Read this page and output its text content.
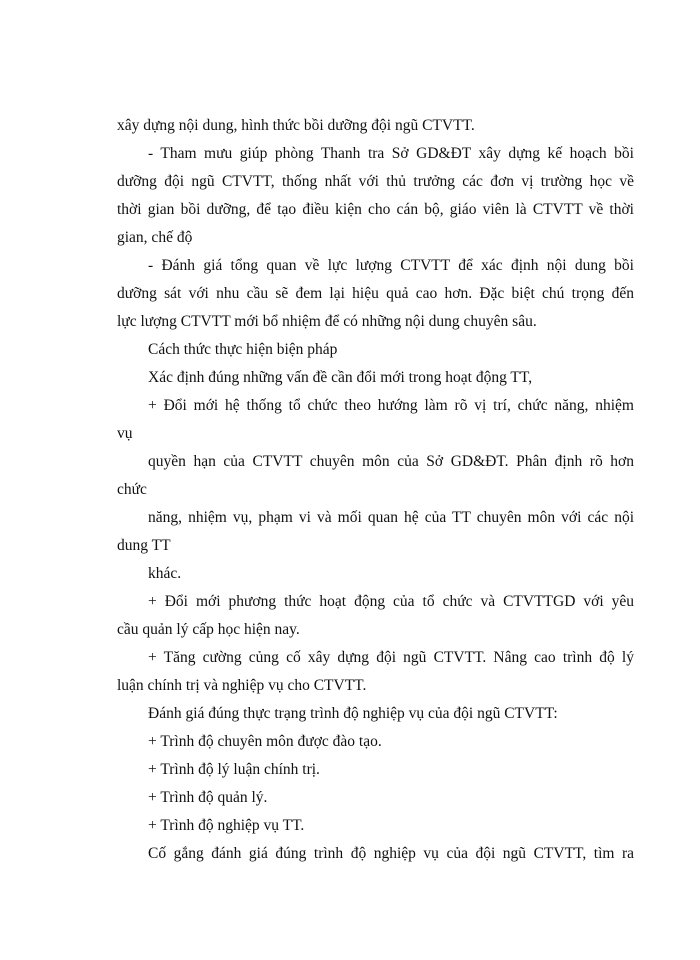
xây dựng nội dung, hình thức bồi dưỡng đội ngũ CTVTT.
- Tham mưu giúp phòng Thanh tra Sở GD&ĐT xây dựng kế hoạch bồi
dưỡng đội ngũ CTVTT, thống nhất với thủ trưởng các đơn vị trường học về
thời gian bồi dưỡng, để tạo điều kiện cho cán bộ, giáo viên là CTVTT về thời
gian, chế độ
- Đánh giá tổng quan về lực lượng CTVTT để xác định nội dung bồi
dưỡng sát với nhu cầu sẽ đem lại hiệu quả cao hơn. Đặc biệt chú trọng đến
lực lượng CTVTT mới bổ nhiệm để có những nội dung chuyên sâu.
Cách thức thực hiện biện pháp
Xác định đúng những vấn đề cần đổi mới trong hoạt động TT,
+ Đổi mới hệ thống tổ chức theo hướng làm rõ vị trí, chức năng, nhiệm
vụ
quyền hạn của CTVTT chuyên môn của Sở GD&ĐT. Phân định rõ hơn
chức
năng, nhiệm vụ, phạm vi và mối quan hệ của TT chuyên môn với các nội
dung TT
khác.
+ Đổi mới phương thức hoạt động của tổ chức và CTVTTGD với yêu
cầu quản lý cấp học hiện nay.
+ Tăng cường củng cố xây dựng đội ngũ CTVTT. Nâng cao trình độ lý
luận chính trị và nghiệp vụ cho CTVTT.
Đánh giá đúng thực trạng trình độ nghiệp vụ của đội ngũ CTVTT:
+ Trình độ chuyên môn được đào tạo.
+ Trình độ lý luận chính trị.
+ Trình độ quản lý.
+ Trình độ nghiệp vụ TT.
Cố gắng đánh giá đúng trình độ nghiệp vụ của đội ngũ CTVTT, tìm ra
